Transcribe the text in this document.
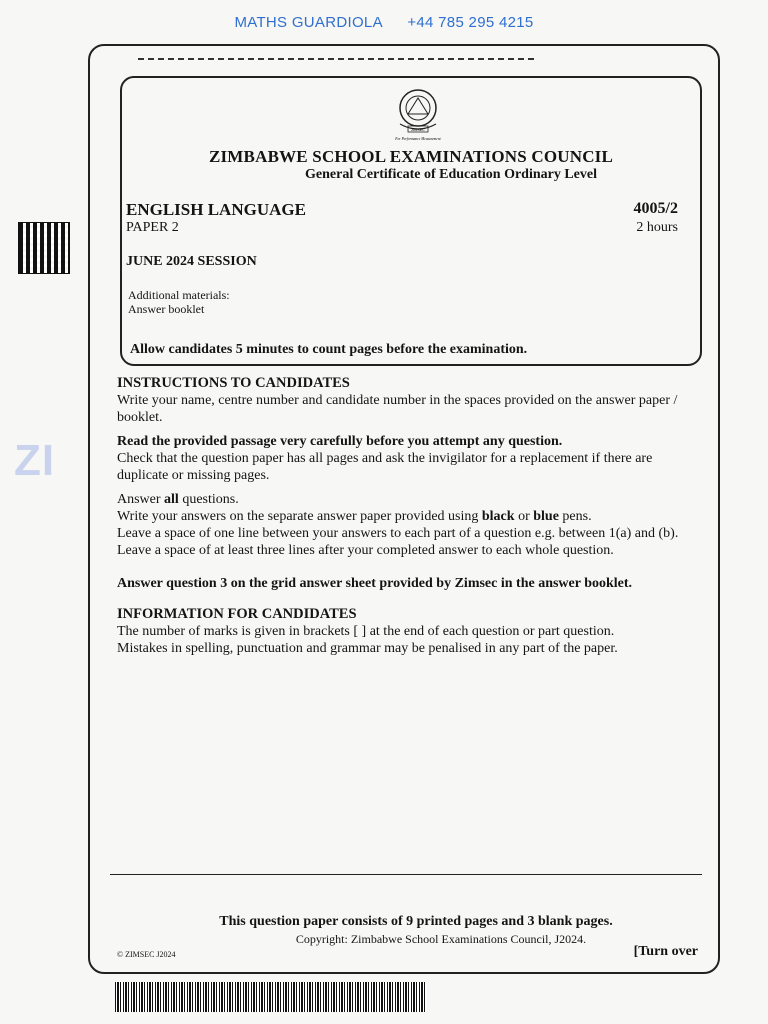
MATHS GUARDIOLA +44 785 295 4215
ZI
ZIMSEC
For Performance Measurement
ZIMBABWE SCHOOL EXAMINATIONS COUNCIL
General Certificate of Education Ordinary Level
ENGLISH LANGUAGE	4005/2
PAPER 2	2 hours
JUNE 2024 SESSION
Additional materials:
Answer booklet
Allow candidates 5 minutes to count pages before the examination.
INSTRUCTIONS TO CANDIDATES

Write your name, centre number and candidate number in the spaces provided on the answer paper / booklet.

Read the provided passage very carefully before you attempt any question.

Check that the question paper has all pages and ask the invigilator for a replacement if there are duplicate or missing pages.

Answer all questions.
Write your answers on the separate answer paper provided using black or blue pens.

Leave a space of one line between your answers to each part of a question e.g. between 1(a) and (b). Leave a space of at least three lines after your completed answer to each whole question.

Answer question 3 on the grid answer sheet provided by Zimsec in the answer booklet.

INFORMATION FOR CANDIDATES
The number of marks is given in brackets [ ] at the end of each question or part question.
Mistakes in spelling, punctuation and grammar may be penalised in any part of the paper.
This question paper consists of 9 printed pages and 3 blank pages.
Copyright: Zimbabwe School Examinations Council, J2024.
© ZIMSEC J2024	[Turn over
